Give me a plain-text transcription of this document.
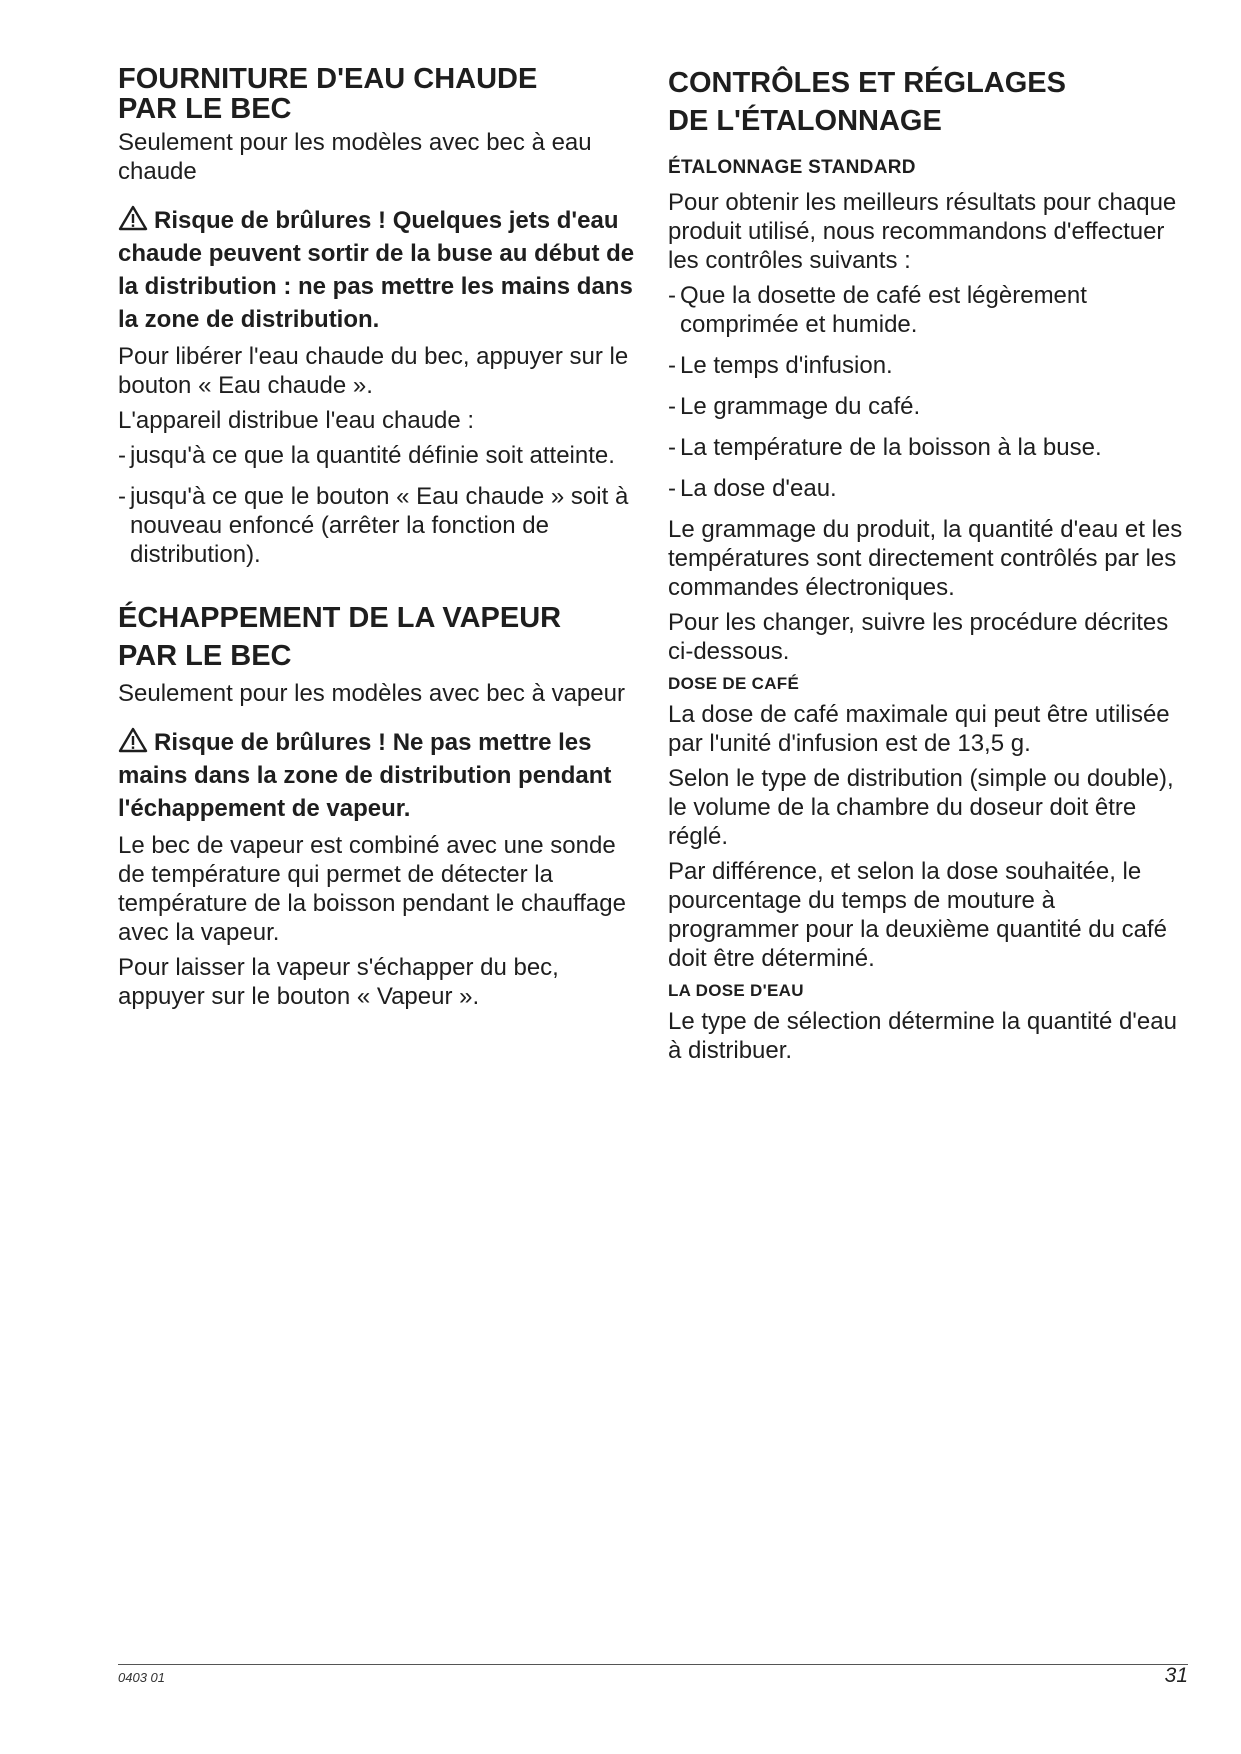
FOURNITURE D'EAU CHAUDE
PAR LE BEC

Seulement pour les modèles avec bec à eau chaude

Risque de brûlures ! Quelques jets d'eau chaude peuvent sortir de la buse au début de la distribution : ne pas mettre les mains dans la zone de distribution.

Pour libérer l'eau chaude du bec, appuyer sur le bouton « Eau chaude ».

L'appareil distribue l'eau chaude :

- jusqu'à ce que la quantité définie soit atteinte.
- jusqu'à ce que le bouton « Eau chaude » soit à nouveau enfoncé (arrêter la fonction de distribution).
ÉCHAPPEMENT DE LA VAPEUR
PAR LE BEC

Seulement pour les modèles avec bec à vapeur

Risque de brûlures ! Ne pas mettre les mains dans la zone de distribution pendant l'échappement de vapeur.

Le bec de vapeur est combiné avec une sonde de température qui permet de détecter la température de la boisson pendant le chauffage avec la vapeur.

Pour laisser la vapeur s'échapper du bec, appuyer sur le bouton « Vapeur ».

CONTRÔLES ET RÉGLAGES
DE L'ÉTALONNAGE
ÉTALONNAGE STANDARD

Pour obtenir les meilleurs résultats pour chaque produit utilisé, nous recommandons d'effectuer les contrôles suivants :

- Que la dosette de café est légèrement comprimée et humide.
- Le temps d'infusion.
- Le grammage du café.
- La température de la boisson à la buse.
- La dose d'eau.

Le grammage du produit, la quantité d'eau et les températures sont directement contrôlés par les commandes électroniques.

Pour les changer, suivre les procédure décrites ci-dessous.

DOSE DE CAFÉ

La dose de café maximale qui peut être utilisée par l'unité d'infusion est de 13,5 g.

Selon le type de distribution (simple ou double), le volume de la chambre du doseur doit être réglé.

Par différence, et selon la dose souhaitée, le pourcentage du temps de mouture à programmer pour la deuxième quantité du café doit être déterminé.

LA DOSE D'EAU

Le type de sélection détermine la quantité d'eau à distribuer.

0403 01	31
